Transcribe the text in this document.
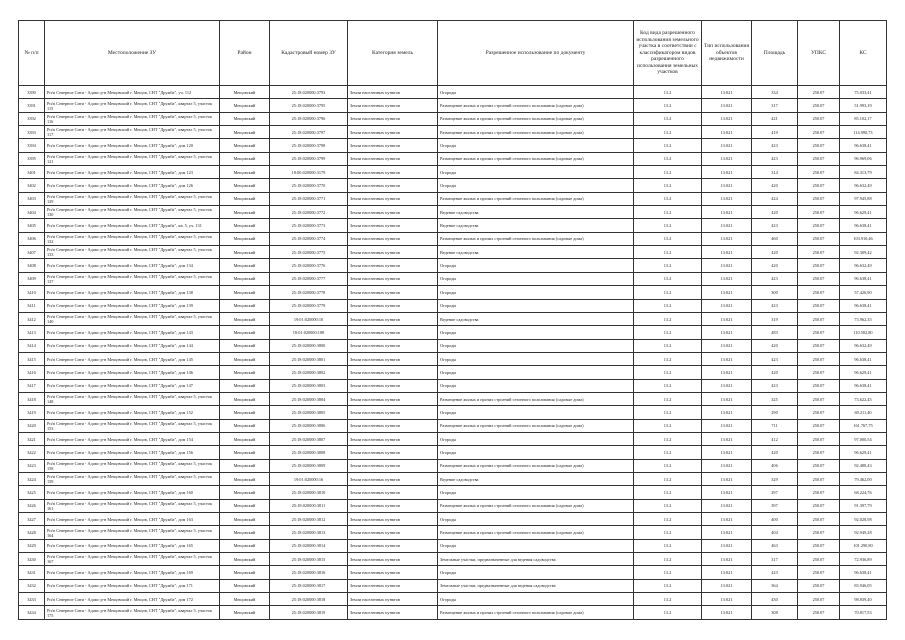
№ п/п	Местоположение ЗУ	Район	Кадастровый номер ЗУ	Категория земель	Разрешенное использование по документу	Код вида разрешенного использования земельного участка в соответствии с классификатором видов разрешенного использования земельных участков	Тип использования объектов недвижимости	Площадь	УПКС	КС
3390	Рп/п Северное Сити - Адамс р-н Мещовский г. Мещов, СНТ "Дружба", уч. 112	Мещовский	25:18:020000:3793	Земли населенных пунктов	Огороды	13.2	13:021	334	250.07	75.033,41
3391	Рп/п Северное Сити - Адамс р-н Мещовский г. Мещов, СНТ "Дружба", квартал 5, участок 115	Мещовский	25:18:020000:3795	Земли населенных пунктов	Размещение жилых и прочих строений сезонного пользования (садовые дома)	13.2	13:021	317	250.07	51.993,19
3392	Рп/п Северное Сити - Адамс р-н Мещовский г. Мещов, СНТ "Дружба", квартал 5, участок 116	Мещовский	25:18:020000:3796	Земли населенных пунктов	Размещение жилых и прочих строений сезонного пользования (садовые дома)	13.2	13:021	421	250.07	85.102,17
3393	Рп/п Северное Сити - Адамс р-н Мещовский г. Мещов, СНТ "Дружба", квартал 5, участок 117	Мещовский	25:18:020000:3797	Земли населенных пунктов	Размещение жилых и прочих строений сезонного пользования (садовые дома)	13.2	13:021	419	250.07	114.990,73
3394	Рп/п Северное Сити - Адамс р-н Мещовский г. Мещов, СНТ "Дружба", дом 120	Мещовский	25:18:020000:3798	Земли населенных пунктов	Огороды	13.2	13:021	423	250.07	96.638,41
3395	Рп/п Северное Сити - Адамс р-н Мещовский г. Мещов, СНТ "Дружба", квартал 5, участок 121	Мещовский	25:18:020000:3799	Земли населенных пунктов	Размещение жилых и прочих строений сезонного пользования (садовые дома)	13.2	13:021	423	250.07	96.969,06
3401	Рп/п Северное Сити - Адамс р-н Мещовский г. Мещов, СНТ "Дружба", дом 123	Мещовский	18:00:020000:3179	Земли населенных пунктов	Огороды	13.2	13:021	314	250.07	84.313,79
3402	Рп/п Северное Сити - Адамс р-н Мещовский г. Мещов, СНТ "Дружба", дом 126	Мещовский	25:18:020000:3770	Земли населенных пунктов	Огороды	13.2	13:021	420	250.07	96.632,49
3403	Рп/п Северное Сити - Адамс р-н Мещовский г. Мещов, СНТ "Дружба", квартал 5, участок 129	Мещовский	25:18:020000:3771	Земли населенных пунктов	Размещение жилых и прочих строений сезонного пользования (садовые дома)	13.2	13:021	424	250.07	97.945,88
3404	Рп/п Северное Сити - Адамс р-н Мещовский г. Мещов, СНТ "Дружба", квартал 5, участок 130	Мещовский	25:18:020000:3772	Земли населенных пунктов	Ведение садоводства	13.2	13:021	420	250.07	96.629,41
3405	Рп/п Северное Сити - Адамс р-н Мещовский г. Мещов, СНТ "Дружба", кв. 5, уч. 131	Мещовский	25:18:020000:3773	Земли населенных пунктов	Ведение садоводства	13.2	13:021	423	250.07	96.638,41
3406	Рп/п Северное Сити - Адамс р-н Мещовский г. Мещов, СНТ "Дружба", квартал 5, участок 132	Мещовский	25:18:020000:3774	Земли населенных пунктов	Размещение жилых и прочих строений сезонного пользования (садовые дома)	13.2	13:021	460	250.07	103.910,46
3407	Рп/п Северное Сити - Адамс р-н Мещовский г. Мещов, СНТ "Дружба", квартал 5, участок 133	Мещовский	25:18:020000:3775	Земли населенных пунктов	Ведение садоводства	13.2	13:021	420	250.07	92.309,42
3408	Рп/п Северное Сити - Адамс р-н Мещовский г. Мещов, СНТ "Дружба", дом 134	Мещовский	25:18:020000:3776	Земли населенных пунктов	Огороды	13.2	13:021	420	250.07	96.632,49
3409	Рп/п Северное Сити - Адамс р-н Мещовский г. Мещов, СНТ "Дружба", квартал 5, участок 137	Мещовский	25:18:020000:3777	Земли населенных пунктов	Огороды	13.2	13:021	423	250.07	96.638,41
3410	Рп/п Северное Сити - Адамс р-н Мещовский г. Мещов, СНТ "Дружба", дом 138	Мещовский	25:18:020000:3778	Земли населенных пунктов	Огороды	13.2	13:021	300	250.07	57.426,90
3411	Рп/п Северное Сити - Адамс р-н Мещовский г. Мещов, СНТ "Дружба", дом 139	Мещовский	25:18:020000:3779	Земли населенных пунктов	Огороды	13.2	13:021	423	250.07	96.638,41
3412	Рп/п Северное Сити - Адамс р-н Мещовский г. Мещов, СНТ "Дружба", квартал 5, участок 140	Мещовский	19:01:020000:10	Земли населенных пунктов	Ведение садоводства	13.2	13:021	319	250.07	73.962,35
3413	Рп/п Северное Сити - Адамс р-н Мещовский г. Мещов, СНТ "Дружба", дом 143	Мещовский	18:01:020000:188	Земли населенных пунктов	Огороды	13.2	13:021	483	250.07	110.582,80
3414	Рп/п Северное Сити - Адамс р-н Мещовский г. Мещов, СНТ "Дружба", дом 144	Мещовский	25:18:020000:3800	Земли населенных пунктов	Огороды	13.2	13:021	420	250.07	96.632,49
3415	Рп/п Северное Сити - Адамс р-н Мещовский г. Мещов, СНТ "Дружба", дом 145	Мещовский	25:18:020000:3801	Земли населенных пунктов	Огороды	13.2	13:021	423	250.07	96.638,41
3416	Рп/п Северное Сити - Адамс р-н Мещовский г. Мещов, СНТ "Дружба", дом 146	Мещовский	25:18:020000:3802	Земли населенных пунктов	Огороды	13.2	13:021	420	250.07	96.629,41
3417	Рп/п Северное Сити - Адамс р-н Мещовский г. Мещов, СНТ "Дружба", дом 147	Мещовский	25:18:020000:3803	Земли населенных пунктов	Огороды	13.2	13:021	423	250.07	96.638,41
3418	Рп/п Северное Сити - Адамс р-н Мещовский г. Мещов, СНТ "Дружба", квартал 5, участок 148	Мещовский	25:18:020000:3804	Земли населенных пунктов	Размещение жилых и прочих строений сезонного пользования (садовые дома)	13.2	13:021	325	250.07	73.622,45
3419	Рп/п Северное Сити - Адамс р-н Мещовский г. Мещов, СНТ "Дружба", дом 152	Мещовский	25:18:020000:3805	Земли населенных пунктов	Огороды	13.2	13:021	290	250.07	69.211,40
3420	Рп/п Северное Сити - Адамс р-н Мещовский г. Мещов, СНТ "Дружба", квартал 5, участок 153	Мещовский	25:18:020000:3806	Земли населенных пунктов	Размещение жилых и прочих строений сезонного пользования (садовые дома)	13.2	13:021	711	250.07	161.767,75
3421	Рп/п Северное Сити - Адамс р-н Мещовский г. Мещов, СНТ "Дружба", дом 154	Мещовский	25:18:020000:3807	Земли населенных пунктов	Огороды	13.2	13:021	412	250.07	97.000,54
3422	Рп/п Северное Сити - Адамс р-н Мещовский г. Мещов, СНТ "Дружба", дом 156	Мещовский	25:18:020000:3808	Земли населенных пунктов	Огороды	13.2	13:021	420	250.07	96.629,41
3423	Рп/п Северное Сити - Адамс р-н Мещовский г. Мещов, СНТ "Дружба", квартал 5, участок 158	Мещовский	25:18:020000:3809	Земли населенных пунктов	Размещение жилых и прочих строений сезонного пользования (садовые дома)	13.2	13:021	406	250.07	92.488,43
3424	Рп/п Северное Сити - Адамс р-н Мещовский г. Мещов, СНТ "Дружба", квартал 5, участок 159	Мещовский	19:01:020000:16	Земли населенных пунктов	Ведение садоводства	13.2	13:021	329	250.07	79.462,00
3425	Рп/п Северное Сити - Адамс р-н Мещовский г. Мещов, СНТ "Дружба", дом 160	Мещовский	25:18:020000:3810	Земли населенных пунктов	Огороды	13.2	13:021	297	250.07	68.224,76
3426	Рп/п Северное Сити - Адамс р-н Мещовский г. Мещов, СНТ "Дружба", квартал 5, участок 161	Мещовский	25:18:020000:3811	Земли населенных пунктов	Размещение жилых и прочих строений сезонного пользования (садовые дома)	13.2	13:021	397	250.07	91.397,79
3427	Рп/п Северное Сити - Адамс р-н Мещовский г. Мещов, СНТ "Дружба", дом 163	Мещовский	25:18:020000:3812	Земли населенных пунктов	Огороды	13.2	13:021	400	250.07	92.028,98
3428	Рп/п Северное Сити - Адамс р-н Мещовский г. Мещов, СНТ "Дружба", квартал 5, участок 164	Мещовский	25:18:020000:3813	Земли населенных пунктов	Размещение жилых и прочих строений сезонного пользования (садовые дома)	13.2	13:021	404	250.07	92.949,28
3429	Рп/п Северное Сити - Адамс р-н Мещовский г. Мещов, СНТ "Дружба", дом 165	Мещовский	25:18:020000:3814	Земли населенных пунктов	Огороды	13.2	13:021	463	250.07	101.290,80
3430	Рп/п Северное Сити - Адамс р-н Мещовский г. Мещов, СНТ "Дружба", квартал 5, участок 167	Мещовский	25:18:020000:3815	Земли населенных пунктов	Земельные участки, предназначенные для ведения садоводства	13.2	13:021	317	250.07	72.936,89
3431	Рп/п Северное Сити - Адамс р-н Мещовский г. Мещов, СНТ "Дружба", дом 169	Мещовский	25:18:020000:3816	Земли населенных пунктов	Огороды	13.2	13:021	423	250.07	96.638,41
3432	Рп/п Северное Сити - Адамс р-н Мещовский г. Мещов, СНТ "Дружба", дом 171	Мещовский	25:18:020000:3817	Земли населенных пунктов	Земельные участки, предназначенные для ведения садоводства	13.2	13:021	364	250.07	83.946,05
3433	Рп/п Северное Сити - Адамс р-н Мещовский г. Мещов, СНТ "Дружба", дом 172	Мещовский	25:18:020000:3818	Земли населенных пунктов	Огороды	13.2	13:021	430	250.07	98.839,40
3434	Рп/п Северное Сити - Адамс р-н Мещовский г. Мещов, СНТ "Дружба", квартал 5, участок 175	Мещовский	25:18:020000:3819	Земли населенных пунктов	Размещение жилых и прочих строений сезонного пользования (садовые дома)	13.2	13:021	308	250.07	70.817,53
